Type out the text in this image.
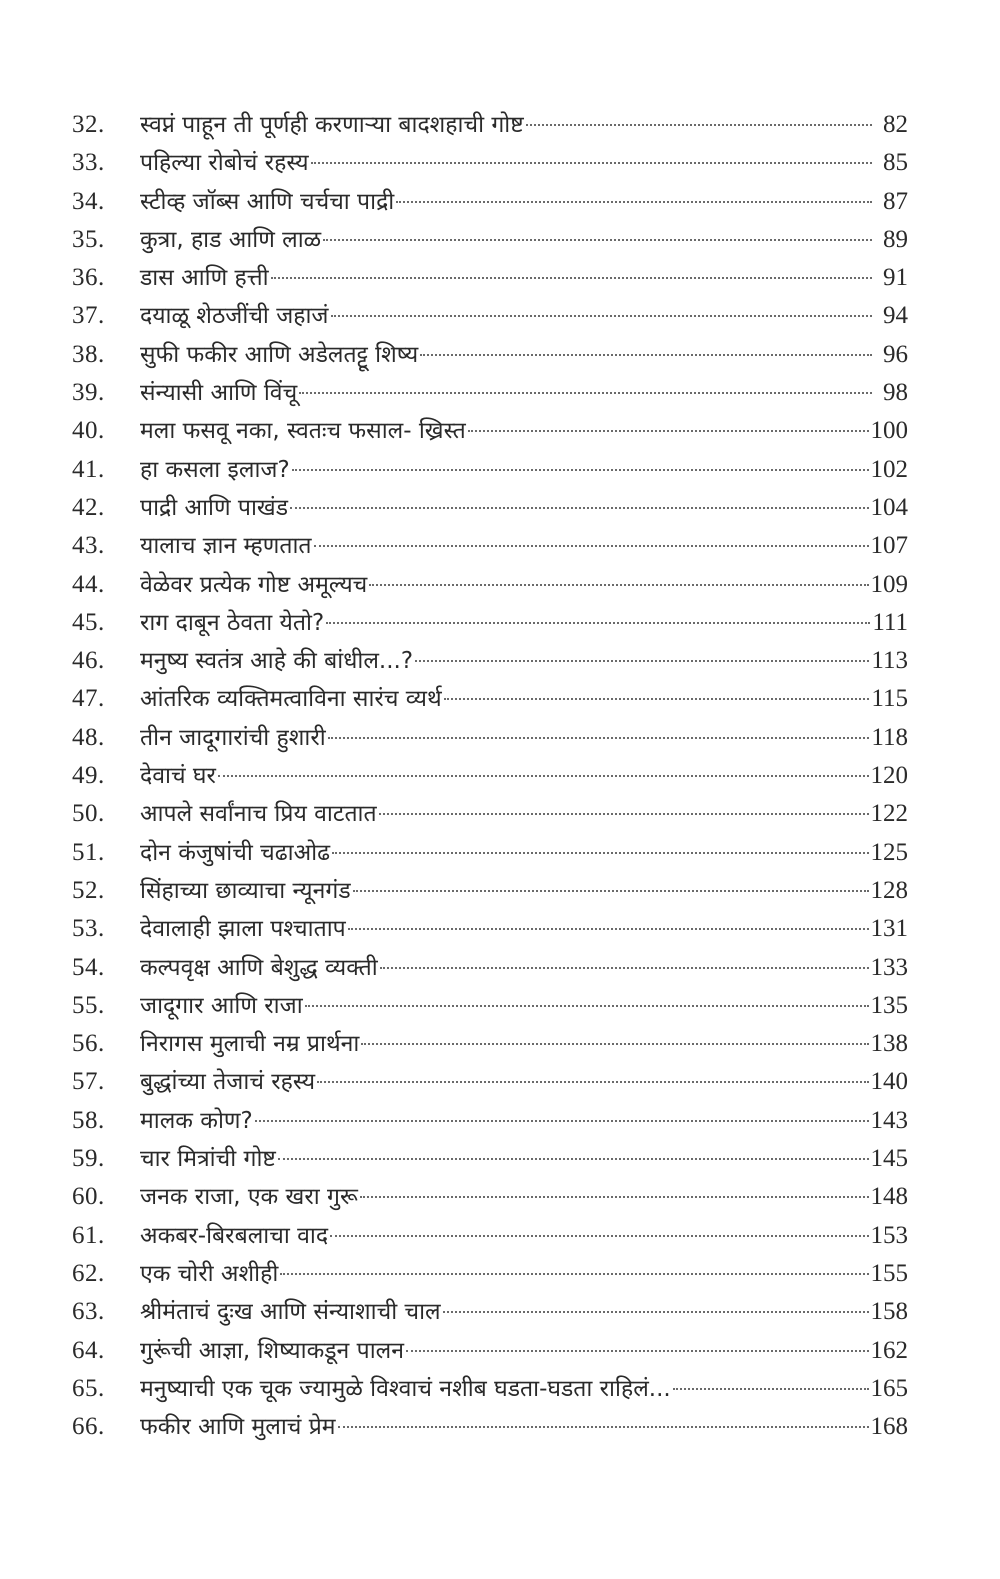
32.	स्वप्नं पाहून ती पूर्णही करणाऱ्या बादशहाची गोष्ट	82
33.	पहिल्या रोबोचं रहस्य	85
34.	स्टीव्ह जॉब्स आणि चर्चचा पाद्री	87
35.	कुत्रा, हाड आणि लाळ	89
36.	डास आणि हत्ती	91
37.	दयाळू शेठजींची जहाजं	94
38.	सुफी फकीर आणि अडेलतट्टू शिष्य	96
39.	संन्यासी आणि विंचू	98
40.	मला फसवू नका, स्वतःच फसाल- ख्रिस्त	100
41.	हा कसला इलाज?	102
42.	पाद्री आणि पाखंड	104
43.	यालाच ज्ञान म्हणतात	107
44.	वेळेवर प्रत्येक गोष्ट अमूल्यच	109
45.	राग दाबून ठेवता येतो?	111
46.	मनुष्य स्वतंत्र आहे की बांधील...?	113
47.	आंतरिक व्यक्तिमत्वाविना सारंच व्यर्थ	115
48.	तीन जादूगारांची हुशारी	118
49.	देवाचं घर	120
50.	आपले सर्वांनाच प्रिय वाटतात	122
51.	दोन कंजुषांची चढाओढ	125
52.	सिंहाच्या छाव्याचा न्यूनगंड	128
53.	देवालाही झाला पश्चाताप	131
54.	कल्पवृक्ष आणि बेशुद्ध व्यक्ती	133
55.	जादूगार आणि राजा	135
56.	निरागस मुलाची नम्र प्रार्थना	138
57.	बुद्धांच्या तेजाचं रहस्य	140
58.	मालक कोण?	143
59.	चार मित्रांची गोष्ट	145
60.	जनक राजा, एक खरा गुरू	148
61.	अकबर-बिरबलाचा वाद	153
62.	एक चोरी अशीही	155
63.	श्रीमंताचं दुःख आणि संन्याशाची चाल	158
64.	गुरूंची आज्ञा, शिष्याकडून पालन	162
65.	मनुष्याची एक चूक ज्यामुळे विश्वाचं नशीब घडता-घडता राहिलं...	165
66.	फकीर आणि मुलाचं प्रेम	168
